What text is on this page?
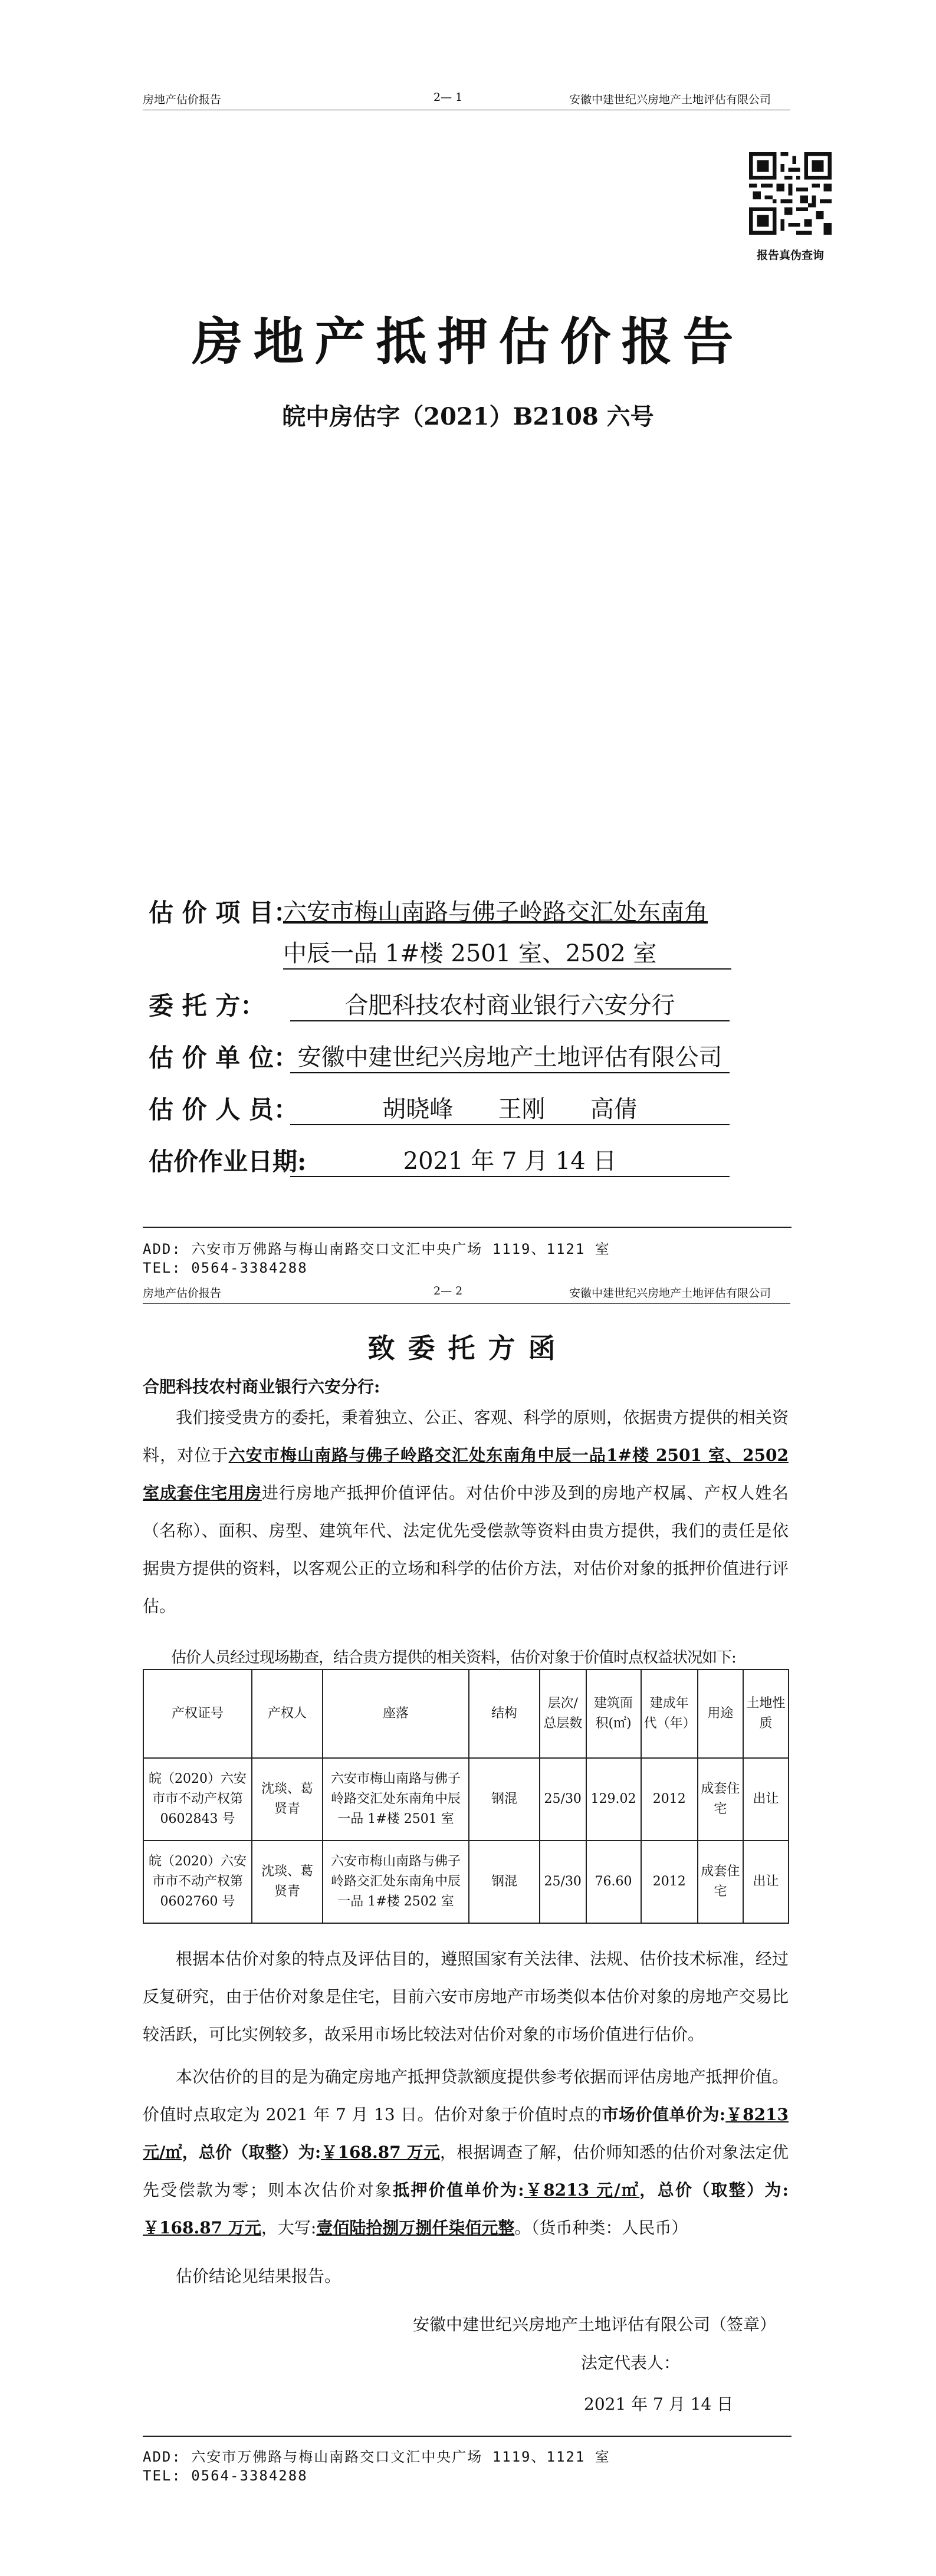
房地产估价报告	2— 1	安徽中建世纪兴房地产土地评估有限公司
报告真伪查询
房地产抵押估价报告
皖中房估字（2021）B2108 六号
估 价 项 目：
六安市梅山南路与佛子岭路交汇处东南角
中辰一品 1#楼 2501 室、2502 室
委 托 方：	合肥科技农村商业银行六安分行
估 价 单 位：
安徽中建世纪兴房地产土地评估有限公司
估 价 人 员：	胡晓峰      王刚      高倩
估价作业日期:	2021 年 7 月 14 日
ADD: 六安市万佛路与梅山南路交口文汇中央广场 1119、1121 室
TEL: 0564-3384288
房地产估价报告	2— 2	安徽中建世纪兴房地产土地评估有限公司
致委托方函
合肥科技农村商业银行六安分行:
我们接受贵方的委托，秉着独立、公正、客观、科学的原则，依据贵方提供的相关资料，对位于六安市梅山南路与佛子岭路交汇处东南角中辰一品1#楼 2501 室、2502 室成套住宅用房进行房地产抵押价值评估。对估价中涉及到的房地产权属、产权人姓名（名称）、面积、房型、建筑年代、法定优先受偿款等资料由贵方提供，我们的责任是依据贵方提供的资料，以客观公正的立场和科学的估价方法，对估价对象的抵押价值进行评估。
估价人员经过现场勘查，结合贵方提供的相关资料，估价对象于价值时点权益状况如下:
产权证号	产权人	座落	结构	层次/总层数	建筑面积(㎡)	建成年代（年）	用途	土地性质
皖（2020）六安市市不动产权第 0602843 号	沈琰、葛贤青	六安市梅山南路与佛子岭路交汇处东南角中辰一品 1#楼 2501 室	钢混	25/30	129.02	2012	成套住宅	出让
皖（2020）六安市市不动产权第 0602760 号	沈琰、葛贤青	六安市梅山南路与佛子岭路交汇处东南角中辰一品 1#楼 2502 室	钢混	25/30	76.60	2012	成套住宅	出让
根据本估价对象的特点及评估目的，遵照国家有关法律、法规、估价技术标准，经过反复研究，由于估价对象是住宅，目前六安市房地产市场类似本估价对象的房地产交易比较活跃，可比实例较多，故采用市场比较法对估价对象的市场价值进行估价。
本次估价的目的是为确定房地产抵押贷款额度提供参考依据而评估房地产抵押价值。价值时点取定为 2021 年 7 月 13 日。估价对象于价值时点的市场价值单价为:￥8213 元/㎡，总价（取整）为:￥168.87 万元，根据调查了解，估价师知悉的估价对象法定优先受偿款为零；则本次估价对象抵押价值单价为:￥8213 元/㎡，总价（取整）为:￥168.87 万元，大写:壹佰陆拾捌万捌仟柒佰元整。（货币种类：人民币）
估价结论见结果报告。
安徽中建世纪兴房地产土地评估有限公司（签章）
法定代表人：
2021 年 7 月 14 日
ADD: 六安市万佛路与梅山南路交口文汇中央广场 1119、1121 室
TEL: 0564-3384288
